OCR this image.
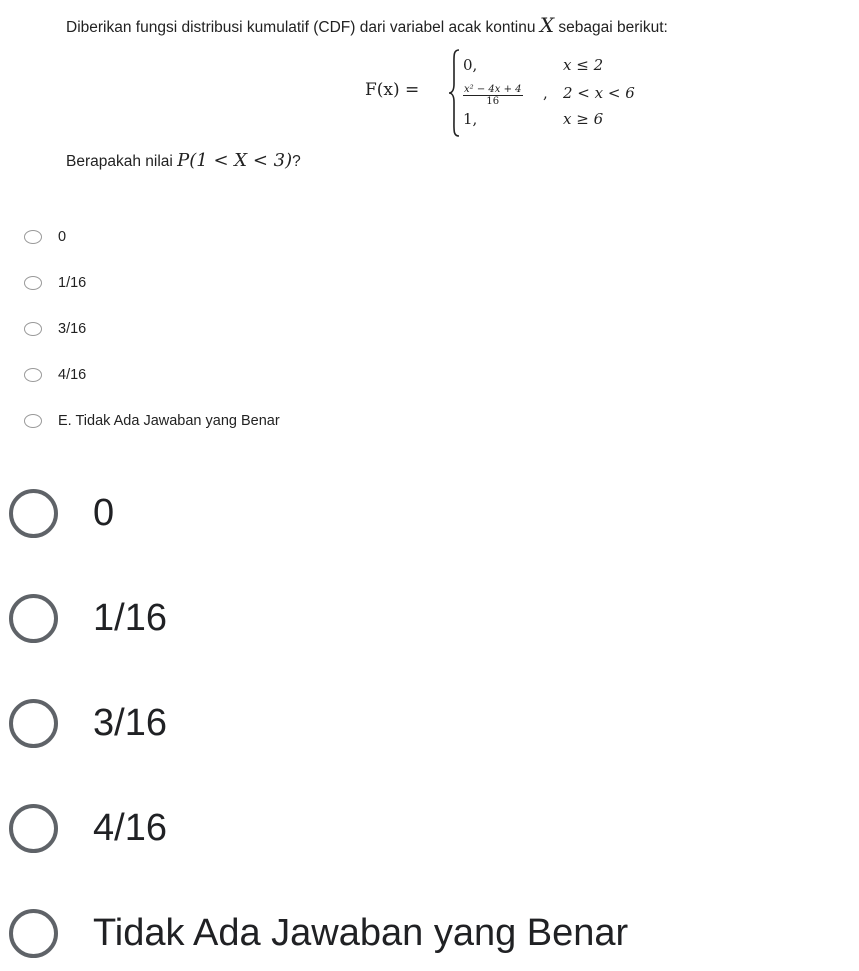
Diberikan fungsi distribusi kumulatif (CDF) dari variabel acak kontinu X sebagai berikut:
F(x) =
0,	x ≤ 2
$\frac{\text{x² − 4x + 4}}{16}$ , 2 < x < 6
1,	x ≥ 6
Berapakah nilai P(1 < X < 3)?
0
1/16
3/16
4/16
E. Tidak Ada Jawaban yang Benar
0
1/16
3/16
4/16
Tidak Ada Jawaban yang Benar
